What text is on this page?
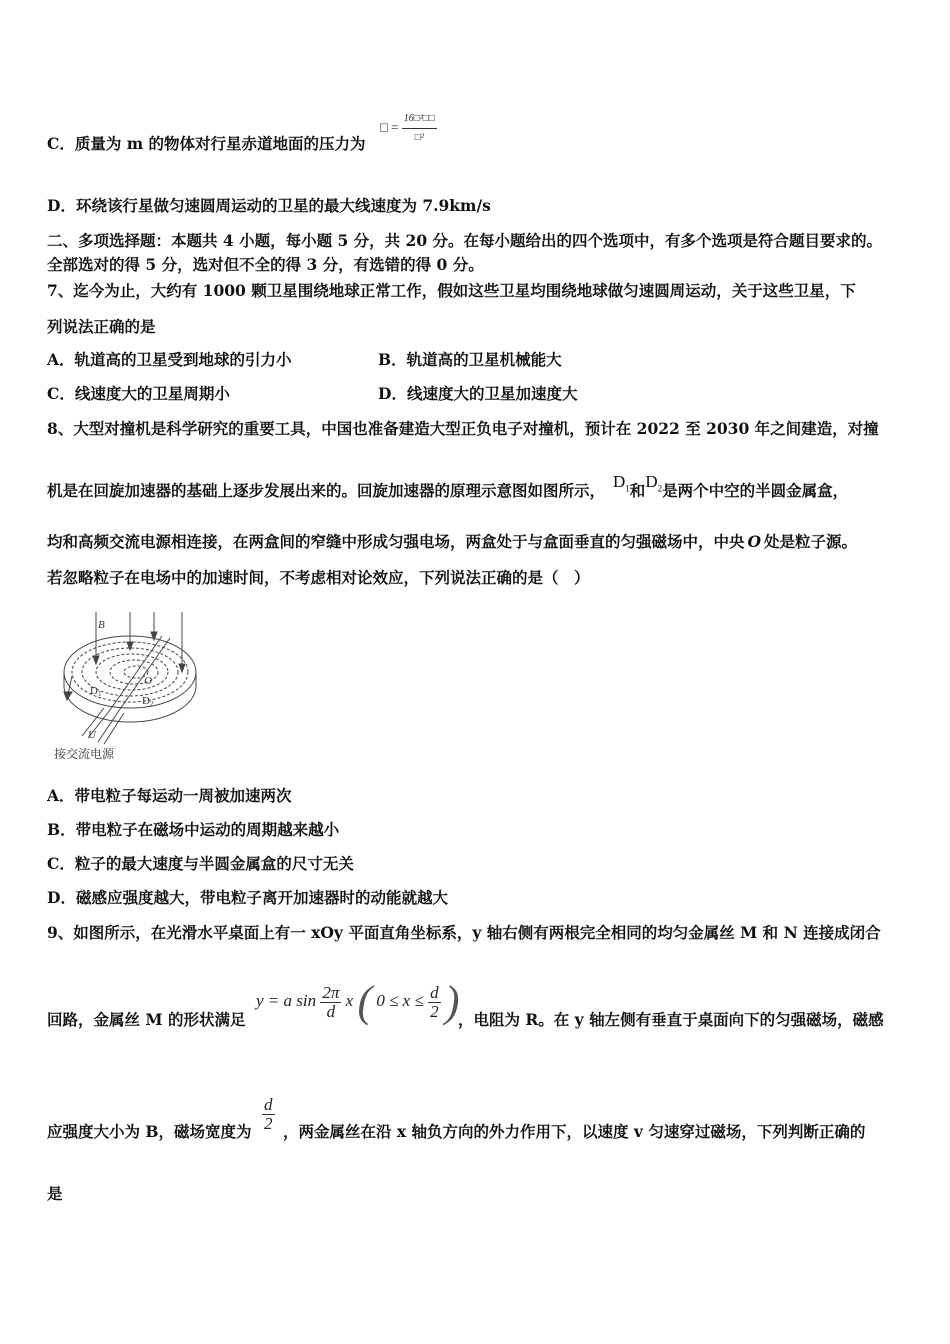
C．质量为 m 的物体对行星赤道地面的压力为
□ = $\frac{\text{16□²□□}}{\text{□²}}$
D．环绕该行星做匀速圆周运动的卫星的最大线速度为 7.9km/s
二、多项选择题：本题共 4 小题，每小题 5 分，共 20 分。在每小题给出的四个选项中，有多个选项是符合题目要求的。
全部选对的得 5 分，选对但不全的得 3 分，有选错的得 0 分。
7、迄今为止，大约有 1000 颗卫星围绕地球正常工作，假如这些卫星均围绕地球做匀速圆周运动，关于这些卫星，下
列说法正确的是
A．轨道高的卫星受到地球的引力小	B．轨道高的卫星机械能大
C．线速度大的卫星周期小	D．线速度大的卫星加速度大
8、大型对撞机是科学研究的重要工具，中国也准备建造大型正负电子对撞机，预计在 2022 至 2030 年之间建造，对撞
机是在回旋加速器的基础上逐步发展出来的。回旋加速器的原理示意图如图所示， $D_1$和$D_2$是两个中空的半圆金属盒，
均和高频交流电源相连接，在两盒间的窄缝中形成匀强电场，两盒处于与盒面垂直的匀强磁场中，中央 O 处是粒子源。
若忽略粒子在电场中的加速时间，不考虑相对论效应，下列说法正确的是（　）
B
D1
O
D2
U
接交流电源
A．带电粒子每运动一周被加速两次
B．带电粒子在磁场中运动的周期越来越小
C．粒子的最大速度与半圆金属盒的尺寸无关
D．磁感应强度越大，带电粒子离开加速器时的动能就越大
9、如图所示，在光滑水平桌面上有一 xOy 平面直角坐标系，y 轴右侧有两根完全相同的均匀金属丝 M 和 N 连接成闭合
回路，金属丝 M 的形状满足
y = a $\sin \frac{2\pi}{d}$ x ( $0 \le x \le \frac{d}{2}$ )
，电阻为 R。在 y 轴左侧有垂直于桌面向下的匀强磁场，磁感
应强度大小为 B，磁场宽度为 $\frac{d}{2}$ ，两金属丝在沿 x 轴负方向的外力作用下，以速度 v 匀速穿过磁场，下列判断正确的
是
